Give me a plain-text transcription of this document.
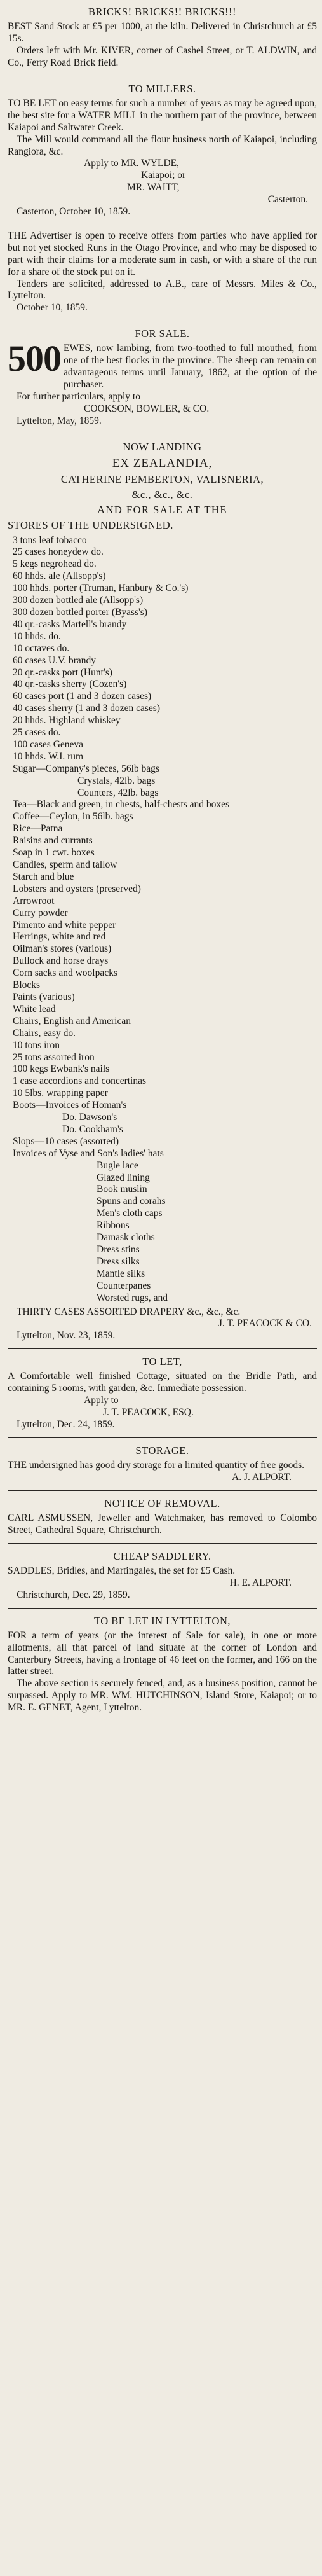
BRICKS! BRICKS!! BRICKS!!!

BEST Sand Stock at £5 per 1000, at the kiln. Delivered in Christchurch at £5 15s.

Orders left with Mr. KIVER, corner of Cashel Street, or T. ALDWIN, and Co., Ferry Road Brick field.

TO MILLERS.

TO BE LET on easy terms for such a number of years as may be agreed upon, the best site for a WATER MILL in the northern part of the province, between Kaiapoi and Saltwater Creek.

The Mill would command all the flour business north of Kaiapoi, including Rangiora, &c.

Apply to MR. WYLDE,
Kaiapoi; or
MR. WAITT,
Casterton.
Casterton, October 10, 1859.

THE Advertiser is open to receive offers from parties who have applied for but not yet stocked Runs in the Otago Province, and who may be disposed to part with their claims for a moderate sum in cash, or with a share of the run for a share of the stock put on it.

Tenders are solicited, addressed to A.B., care of Messrs. Miles & Co., Lyttelton.

October 10, 1859.
FOR SALE.
500 EWES, now lambing, from two-toothed to full mouthed, from one of the best flocks in the province. The sheep can remain on advantageous terms until January, 1862, at the option of the purchaser.

For further particulars, apply to

COOKSON, BOWLER, & CO.
Lyttelton, May, 1859.
NOW LANDING
EX ZEALANDIA,
CATHERINE PEMBERTON, VALISNERIA,
&c., &c., &c.
AND FOR SALE AT THE
STORES OF THE UNDERSIGNED.
3 tons leaf tobacco
25 cases honeydew do.
5 kegs negrohead do.
60 hhds. ale (Allsopp's)
100 hhds. porter (Truman, Hanbury & Co.'s)
300 dozen bottled ale (Allsopp's)
300 dozen bottled porter (Byass's)
40 qr.-casks Martell's brandy
10 hhds. do.
10 octaves do.
60 cases U.V. brandy
20 qr.-casks port (Hunt's)
40 qr.-casks sherry (Cozen's)
60 cases port (1 and 3 dozen cases)
40 cases sherry (1 and 3 dozen cases)
20 hhds. Highland whiskey
25 cases do.
100 cases Geneva
10 hhds. W.I. rum
Sugar—Company's pieces, 56lb bags
Crystals, 42lb. bags
Counters, 42lb. bags
Tea—Black and green, in chests, half-chests and boxes
Coffee—Ceylon, in 56lb. bags
Rice—Patna
Raisins and currants
Soap in 1 cwt. boxes
Candles, sperm and tallow
Starch and blue
Lobsters and oysters (preserved)
Arrowroot
Curry powder
Pimento and white pepper
Herrings, white and red
Oilman's stores (various)
Bullock and horse drays
Corn sacks and woolpacks
Blocks
Paints (various)
White lead
Chairs, English and American
Chairs, easy do.
10 tons iron
25 tons assorted iron
100 kegs Ewbank's nails
1 case accordions and concertinas
10 5lbs. wrapping paper
Boots—Invoices of Homan's
Do. Dawson's
Do. Cookham's
Slops—10 cases (assorted)
Invoices of Vyse and Son's ladies' hats
Bugle lace
Glazed lining
Book muslin
Spuns and corahs
Men's cloth caps
Ribbons
Damask cloths
Dress stins
Dress silks
Mantle silks
Counterpanes
Worsted rugs, and

THIRTY CASES ASSORTED DRAPERY &c., &c., &c.

J. T. PEACOCK & CO.
Lyttelton, Nov. 23, 1859.
TO LET,

A Comfortable well finished Cottage, situated on the Bridle Path, and containing 5 rooms, with garden, &c. Immediate possession.

Apply to
J. T. PEACOCK, ESQ.
Lyttelton, Dec. 24, 1859.
STORAGE.

THE undersigned has good dry storage for a limited quantity of free goods.

A. J. ALPORT.
NOTICE OF REMOVAL.

CARL ASMUSSEN, Jeweller and Watchmaker, has removed to Colombo Street, Cathedral Square, Christchurch.

CHEAP SADDLERY.

SADDLES, Bridles, and Martingales, the set for £5 Cash.

H. E. ALPORT.
Christchurch, Dec. 29, 1859.
TO BE LET IN LYTTELTON,

FOR a term of years (or the interest of Sale for sale), in one or more allotments, all that parcel of land situate at the corner of London and Canterbury Streets, having a frontage of 46 feet on the former, and 166 on the latter street.

The above section is securely fenced, and, as a business position, cannot be surpassed. Apply to MR. WM. HUTCHINSON, Island Store, Kaiapoi; or to MR. E. GENET, Agent, Lyttelton.
